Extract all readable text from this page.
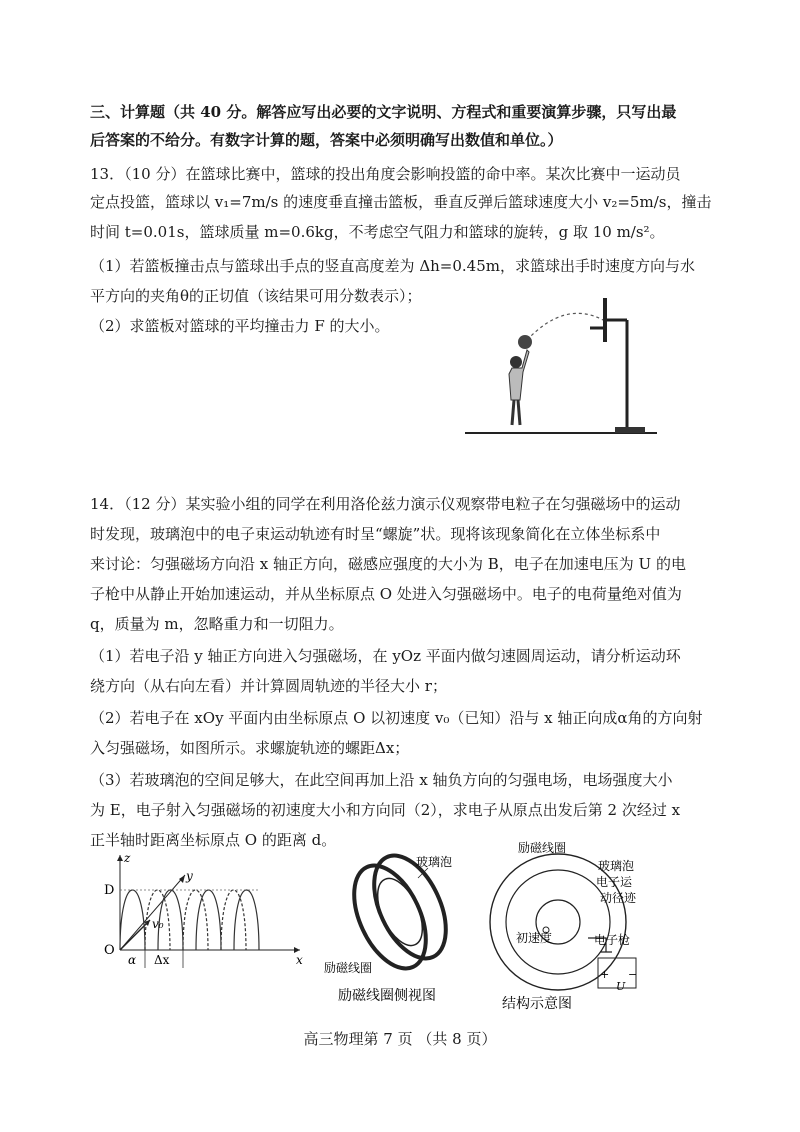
三、计算题（共 40 分。解答应写出必要的文字说明、方程式和重要演算步骤，只写出最

后答案的不给分。有数字计算的题，答案中必须明确写出数值和单位。）

13．（10 分）在篮球比赛中，篮球的投出角度会影响投篮的命中率。某次比赛中一运动员

定点投篮，篮球以 v₁=7m/s 的速度垂直撞击篮板，垂直反弹后篮球速度大小 v₂=5m/s，撞击

时间 t=0.01s，篮球质量 m=0.6kg，不考虑空气阻力和篮球的旋转，g 取 10 m/s²。

（1）若篮板撞击点与篮球出手点的竖直高度差为 Δh=0.45m，求篮球出手时速度方向与水

平方向的夹角θ的正切值（该结果可用分数表示）；

（2）求篮板对篮球的平均撞击力 F 的大小。

14．（12 分）某实验小组的同学在利用洛伦兹力演示仪观察带电粒子在匀强磁场中的运动

时发现，玻璃泡中的电子束运动轨迹有时呈“螺旋”状。现将该现象简化在立体坐标系中

来讨论：匀强磁场方向沿 x 轴正方向，磁感应强度的大小为 B，电子在加速电压为 U 的电

子枪中从静止开始加速运动，并从坐标原点 O 处进入匀强磁场中。电子的电荷量绝对值为

q，质量为 m，忽略重力和一切阻力。

（1）若电子沿 y 轴正方向进入匀强磁场，在 yOz 平面内做匀速圆周运动，请分析运动环

绕方向（从右向左看）并计算圆周轨迹的半径大小 r；

（2）若电子在 xOy 平面内由坐标原点 O 以初速度 v₀（已知）沿与 x 轴正向成α角的方向射

入匀强磁场，如图所示。求螺旋轨迹的螺距Δx；

（3）若玻璃泡的空间足够大，在此空间再加上沿 x 轴负方向的匀强电场，电场强度大小

为 E，电子射入匀强磁场的初速度大小和方向同（2），求电子从原点出发后第 2 次经过 x

正半轴时距离坐标原点 O 的距离 d。

O
D
z
x
y
v₀
α Δx
玻璃泡
励磁线圈
励磁线圈侧视图
+
U
−
励磁线圈
玻璃泡
电子运
动径迹
初速度	电子枪
结构示意图

高三物理第 7 页 （共 8 页）
